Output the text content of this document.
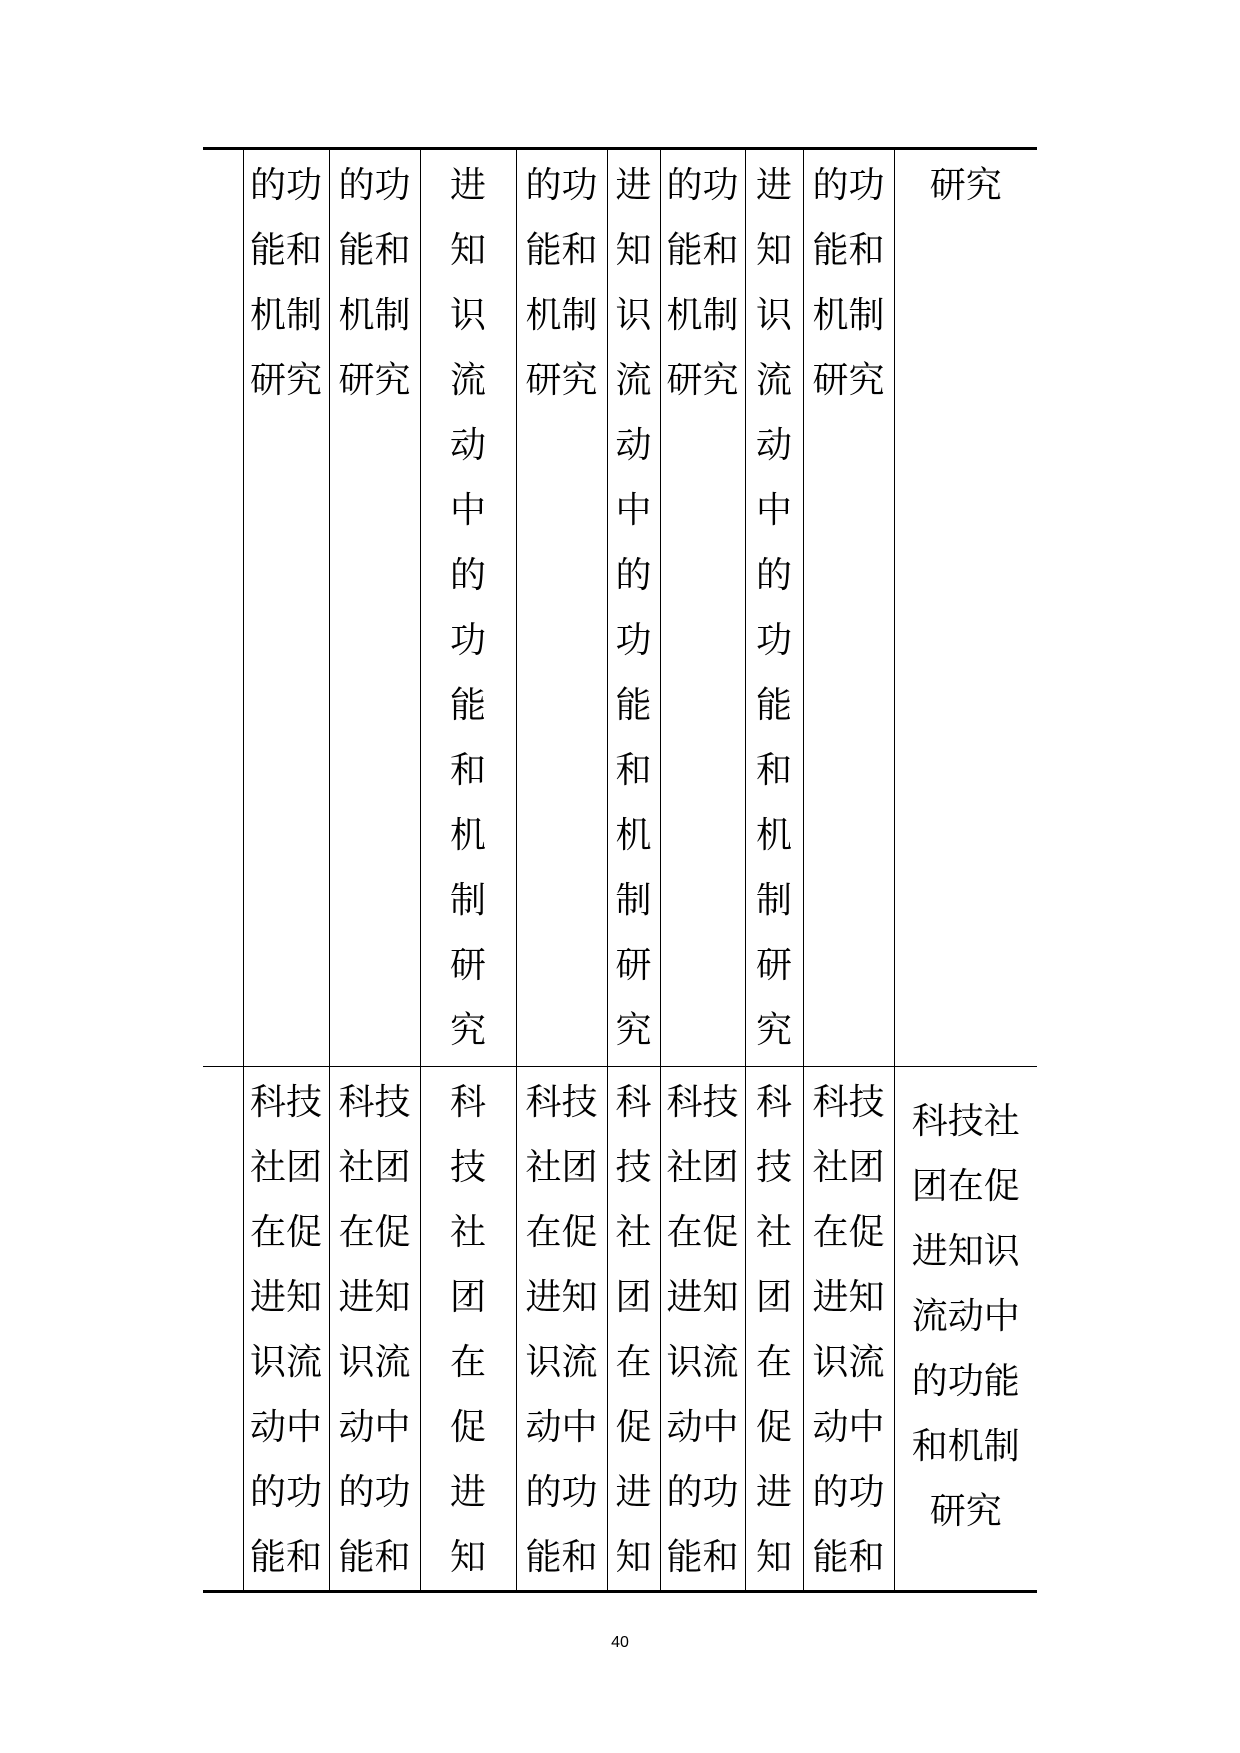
	的功能和机制研究	的功能和机制研究	进知识流动中的功能和机制研究	的功能和机制研究	进知识流动中的功能和机制研究	的功能和机制研究	进知识流动中的功能和机制研究	的功能和机制研究	研究

	科技社团在促进知识流动中的功能和	科技社团在促进知识流动中的功能和	科技社团在促进知	科技社团在促进知识流动中的功能和	科技社团在促进知	科技社团在促进知识流动中的功能和	科技社团在促进知	科技社团在促进知识流动中的功能和	科技社团在促进知识流动中的功能和机制研究
40
